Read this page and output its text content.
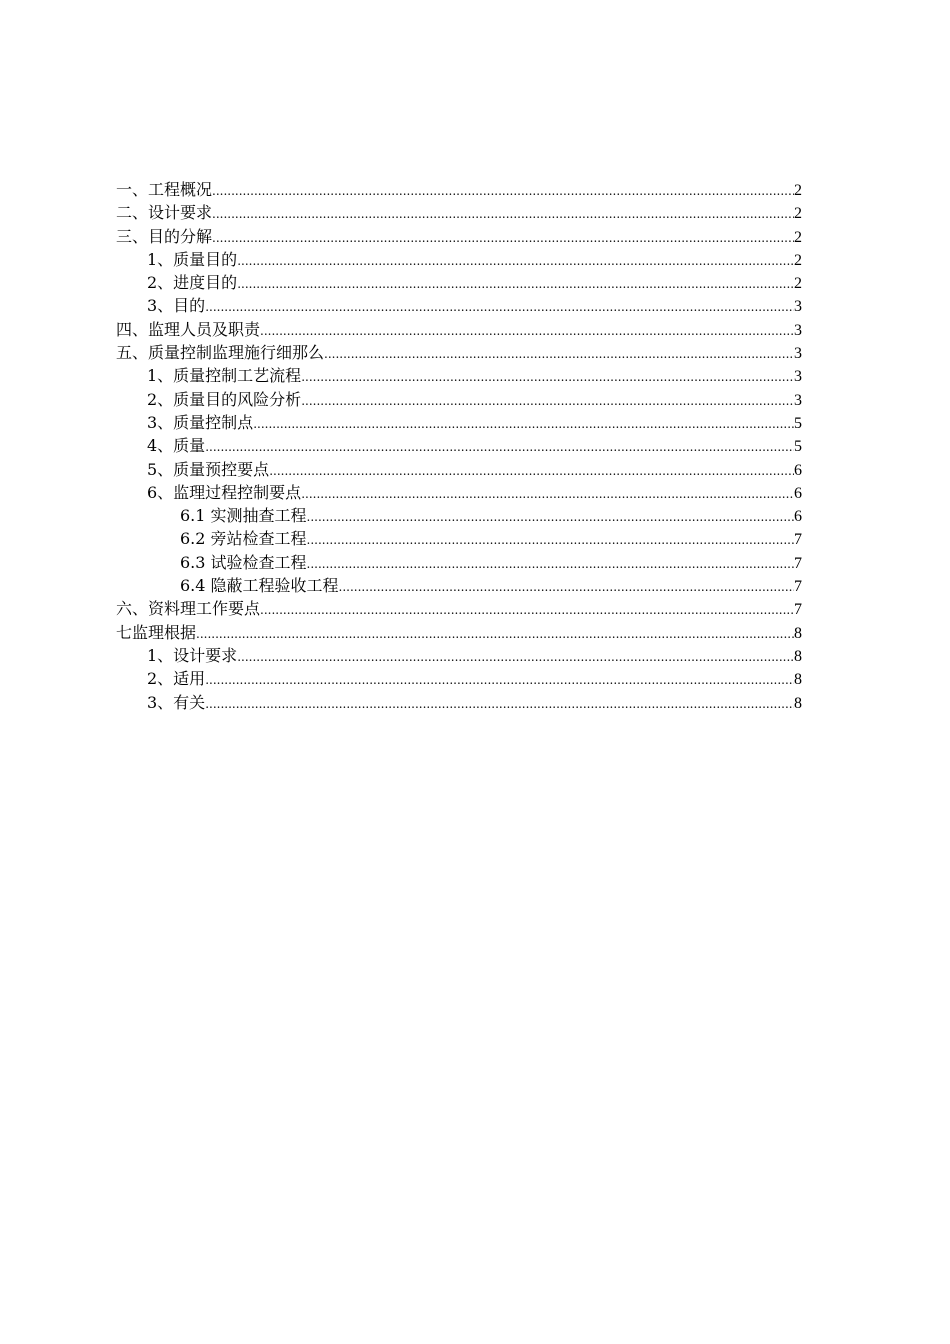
一、工程概况 .....	2
二、设计要求 .....	2
三、目的分解 .....	2
1、质量目的 .....	2
2、进度目的 .....	2
3、目的 .....	3
四、监理人员及职责 .....	3
五、质量控制监理施行细那么 .....	3
1、质量控制工艺流程 .....	3
2、质量目的风险分析 .....	3
3、质量控制点 .....	5
4、质量 .....	5
5、质量预控要点 .....	6
6、监理过程控制要点 .....	6
6.1 实测抽查工程 .....	6
6.2 旁站检查工程 .....	7
6.3 试验检查工程 .....	7
6.4 隐蔽工程验收工程 .....	7
六、资料理工作要点 .....	7
七监理根据 .....	8
1、设计要求 .....	8
2、适用 .....	8
3、有关 .....	8
